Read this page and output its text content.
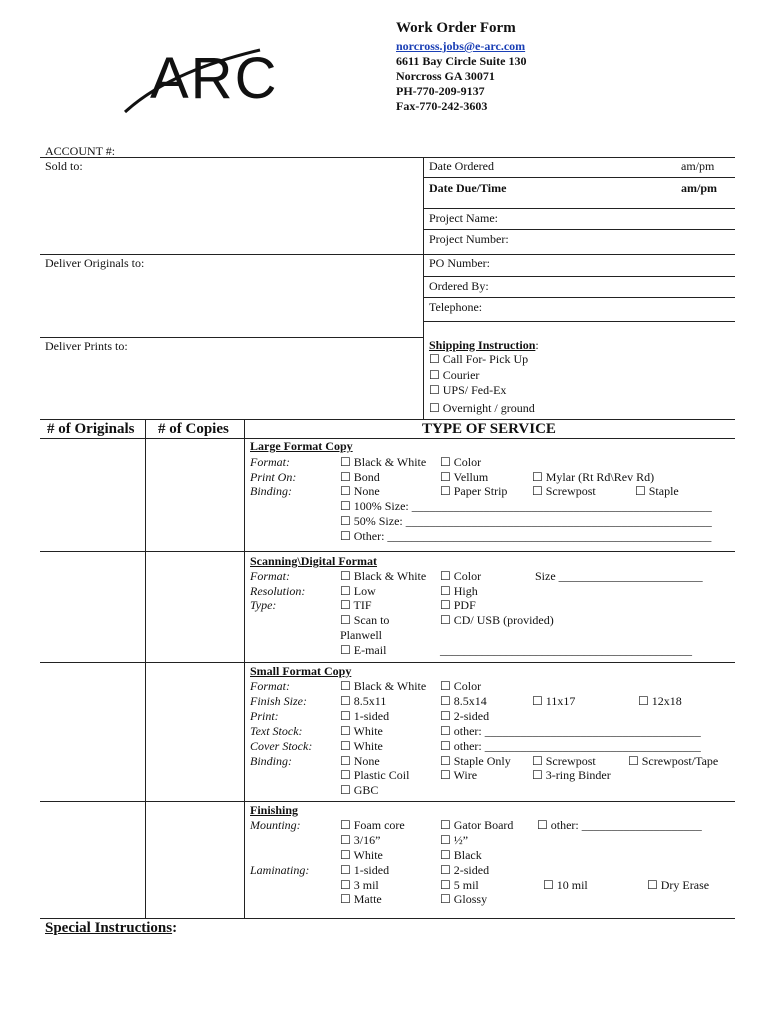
ARC
Work Order Form
norcross.jobs@e-arc.com
6611 Bay Circle Suite 130
Norcross GA 30071
PH-770-209-9137
Fax-770-242-3603
ACCOUNT #:
Sold to:
Deliver Originals to:
Deliver Prints to:
Date Ordered	am/pm
Date Due/Time	am/pm
Project Name:
Project Number:
PO Number:
Ordered By:
Telephone:
Shipping Instruction:
☐ Call For- Pick Up
☐ Courier
☐ UPS/ Fed-Ex
☐ Overnight / ground
# of Originals # of Copies	TYPE OF SERVICE
Large Format Copy
Format:	☐ Black & White ☐ Color
Print On:	☐ Bond	☐ Vellum	☐ Mylar (Rt Rd\Rev Rd)
Binding:	☐ None	☐ Paper Strip ☐ Screwpost	☐ Staple
☐ 100% Size: __________________________________________________
☐ 50% Size: ___________________________________________________
☐ Other: ______________________________________________________
Scanning\Digital Format
Format:	☐ Black & White ☐ Color	Size ________________________
Resolution:	☐ Low	☐ High
Type:	☐ TIF	☐ PDF
☐ Scan to	☐ CD/ USB (provided)
Planwell
☐ E-mail	__________________________________________
Small Format Copy
Format:	☐ Black & White ☐ Color
Finish Size:	☐ 8.5x11	☐ 8.5x14	☐ 11x17	☐ 12x18
Print:	☐ 1-sided	☐ 2-sided
Text Stock:	☐ White	☐ other: ____________________________________
Cover Stock: ☐ White	☐ other: ____________________________________
Binding:	☐ None	☐ Staple Only ☐ Screwpost	☐ Screwpost/Tape
☐ Plastic Coil	☐ Wire	☐ 3-ring Binder
☐ GBC
Finishing
Mounting:	☐ Foam core	☐ Gator Board ☐ other: ____________________
☐ 3/16”	☐ ½”
☐ White	☐ Black
Laminating:	☐ 1-sided	☐ 2-sided
☐ 3 mil	☐ 5 mil	☐ 10 mil	☐ Dry Erase
☐ Matte	☐ Glossy
Special Instructions:
